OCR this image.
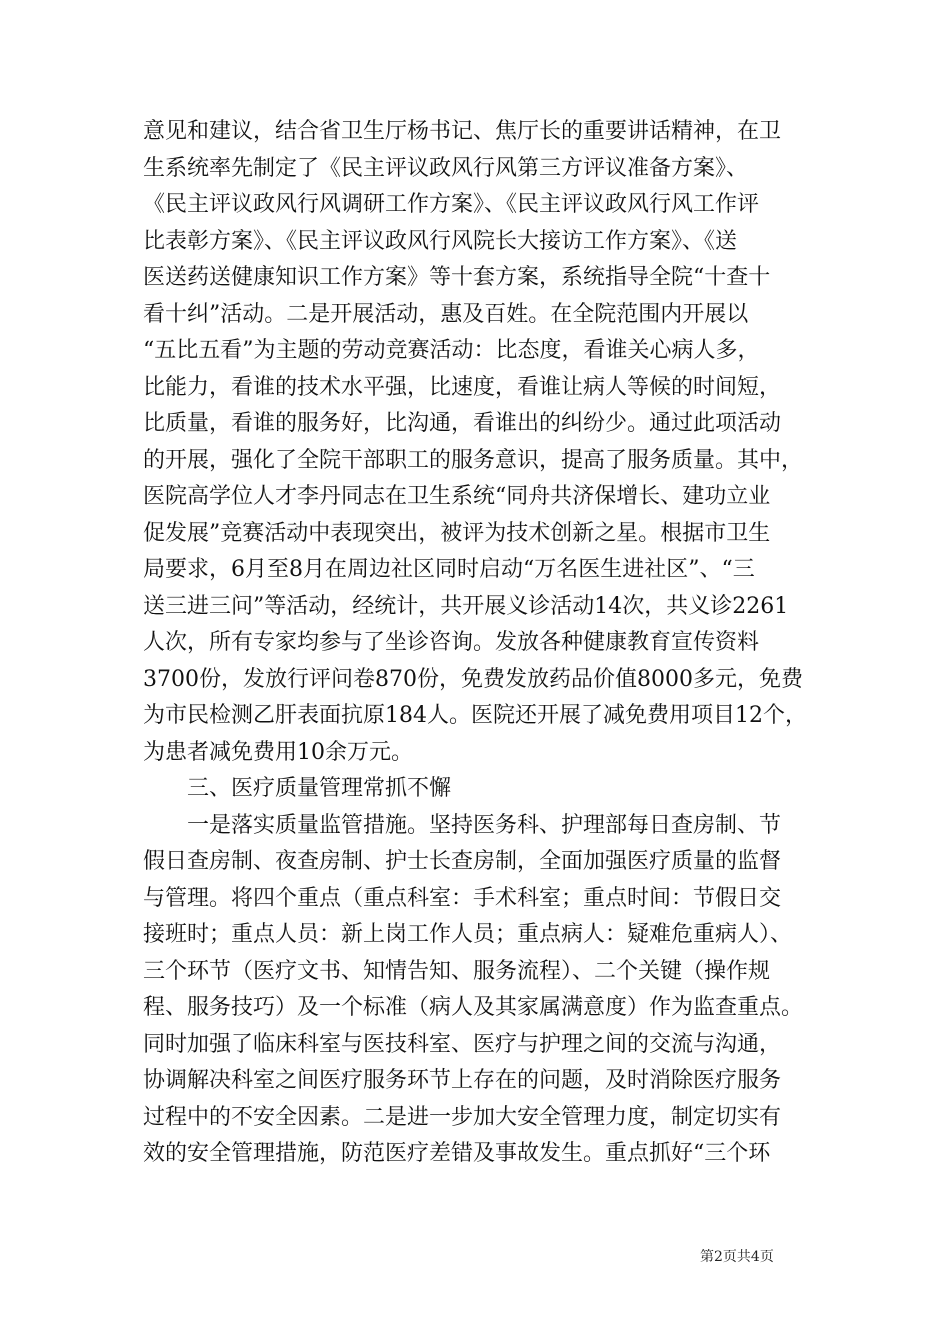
意见和建议，结合省卫生厅杨书记、焦厅长的重要讲话精神，在卫
生系统率先制定了《民主评议政风行风第三方评议准备方案》、
《民主评议政风行风调研工作方案》、《民主评议政风行风工作评
比表彰方案》、《民主评议政风行风院长大接访工作方案》、《送
医送药送健康知识工作方案》等十套方案，系统指导全院“十查十
看十纠”活动。二是开展活动，惠及百姓。在全院范围内开展以
“五比五看”为主题的劳动竞赛活动：比态度，看谁关心病人多，
比能力，看谁的技术水平强，比速度，看谁让病人等候的时间短，
比质量，看谁的服务好，比沟通，看谁出的纠纷少。通过此项活动
的开展，强化了全院干部职工的服务意识，提高了服务质量。其中，
医院高学位人才李丹同志在卫生系统“同舟共济保增长、建功立业
促发展”竞赛活动中表现突出，被评为技术创新之星。根据市卫生
局要求，6月至8月在周边社区同时启动“万名医生进社区”、“三
送三进三问”等活动，经统计，共开展义诊活动14次，共义诊2261
人次，所有专家均参与了坐诊咨询。发放各种健康教育宣传资料
3700份，发放行评问卷870份，免费发放药品价值8000多元，免费
为市民检测乙肝表面抗原184人。医院还开展了减免费用项目12个，
为患者减免费用10余万元。
三、医疗质量管理常抓不懈
一是落实质量监管措施。坚持医务科、护理部每日查房制、节
假日查房制、夜查房制、护士长查房制，全面加强医疗质量的监督
与管理。将四个重点（重点科室：手术科室；重点时间：节假日交
接班时；重点人员：新上岗工作人员；重点病人：疑难危重病人）、
三个环节（医疗文书、知情告知、服务流程）、二个关键（操作规
程、服务技巧）及一个标准（病人及其家属满意度）作为监查重点。
同时加强了临床科室与医技科室、医疗与护理之间的交流与沟通，
协调解决科室之间医疗服务环节上存在的问题，及时消除医疗服务
过程中的不安全因素。二是进一步加大安全管理力度，制定切实有
效的安全管理措施，防范医疗差错及事故发生。重点抓好“三个环
第2页共4页
